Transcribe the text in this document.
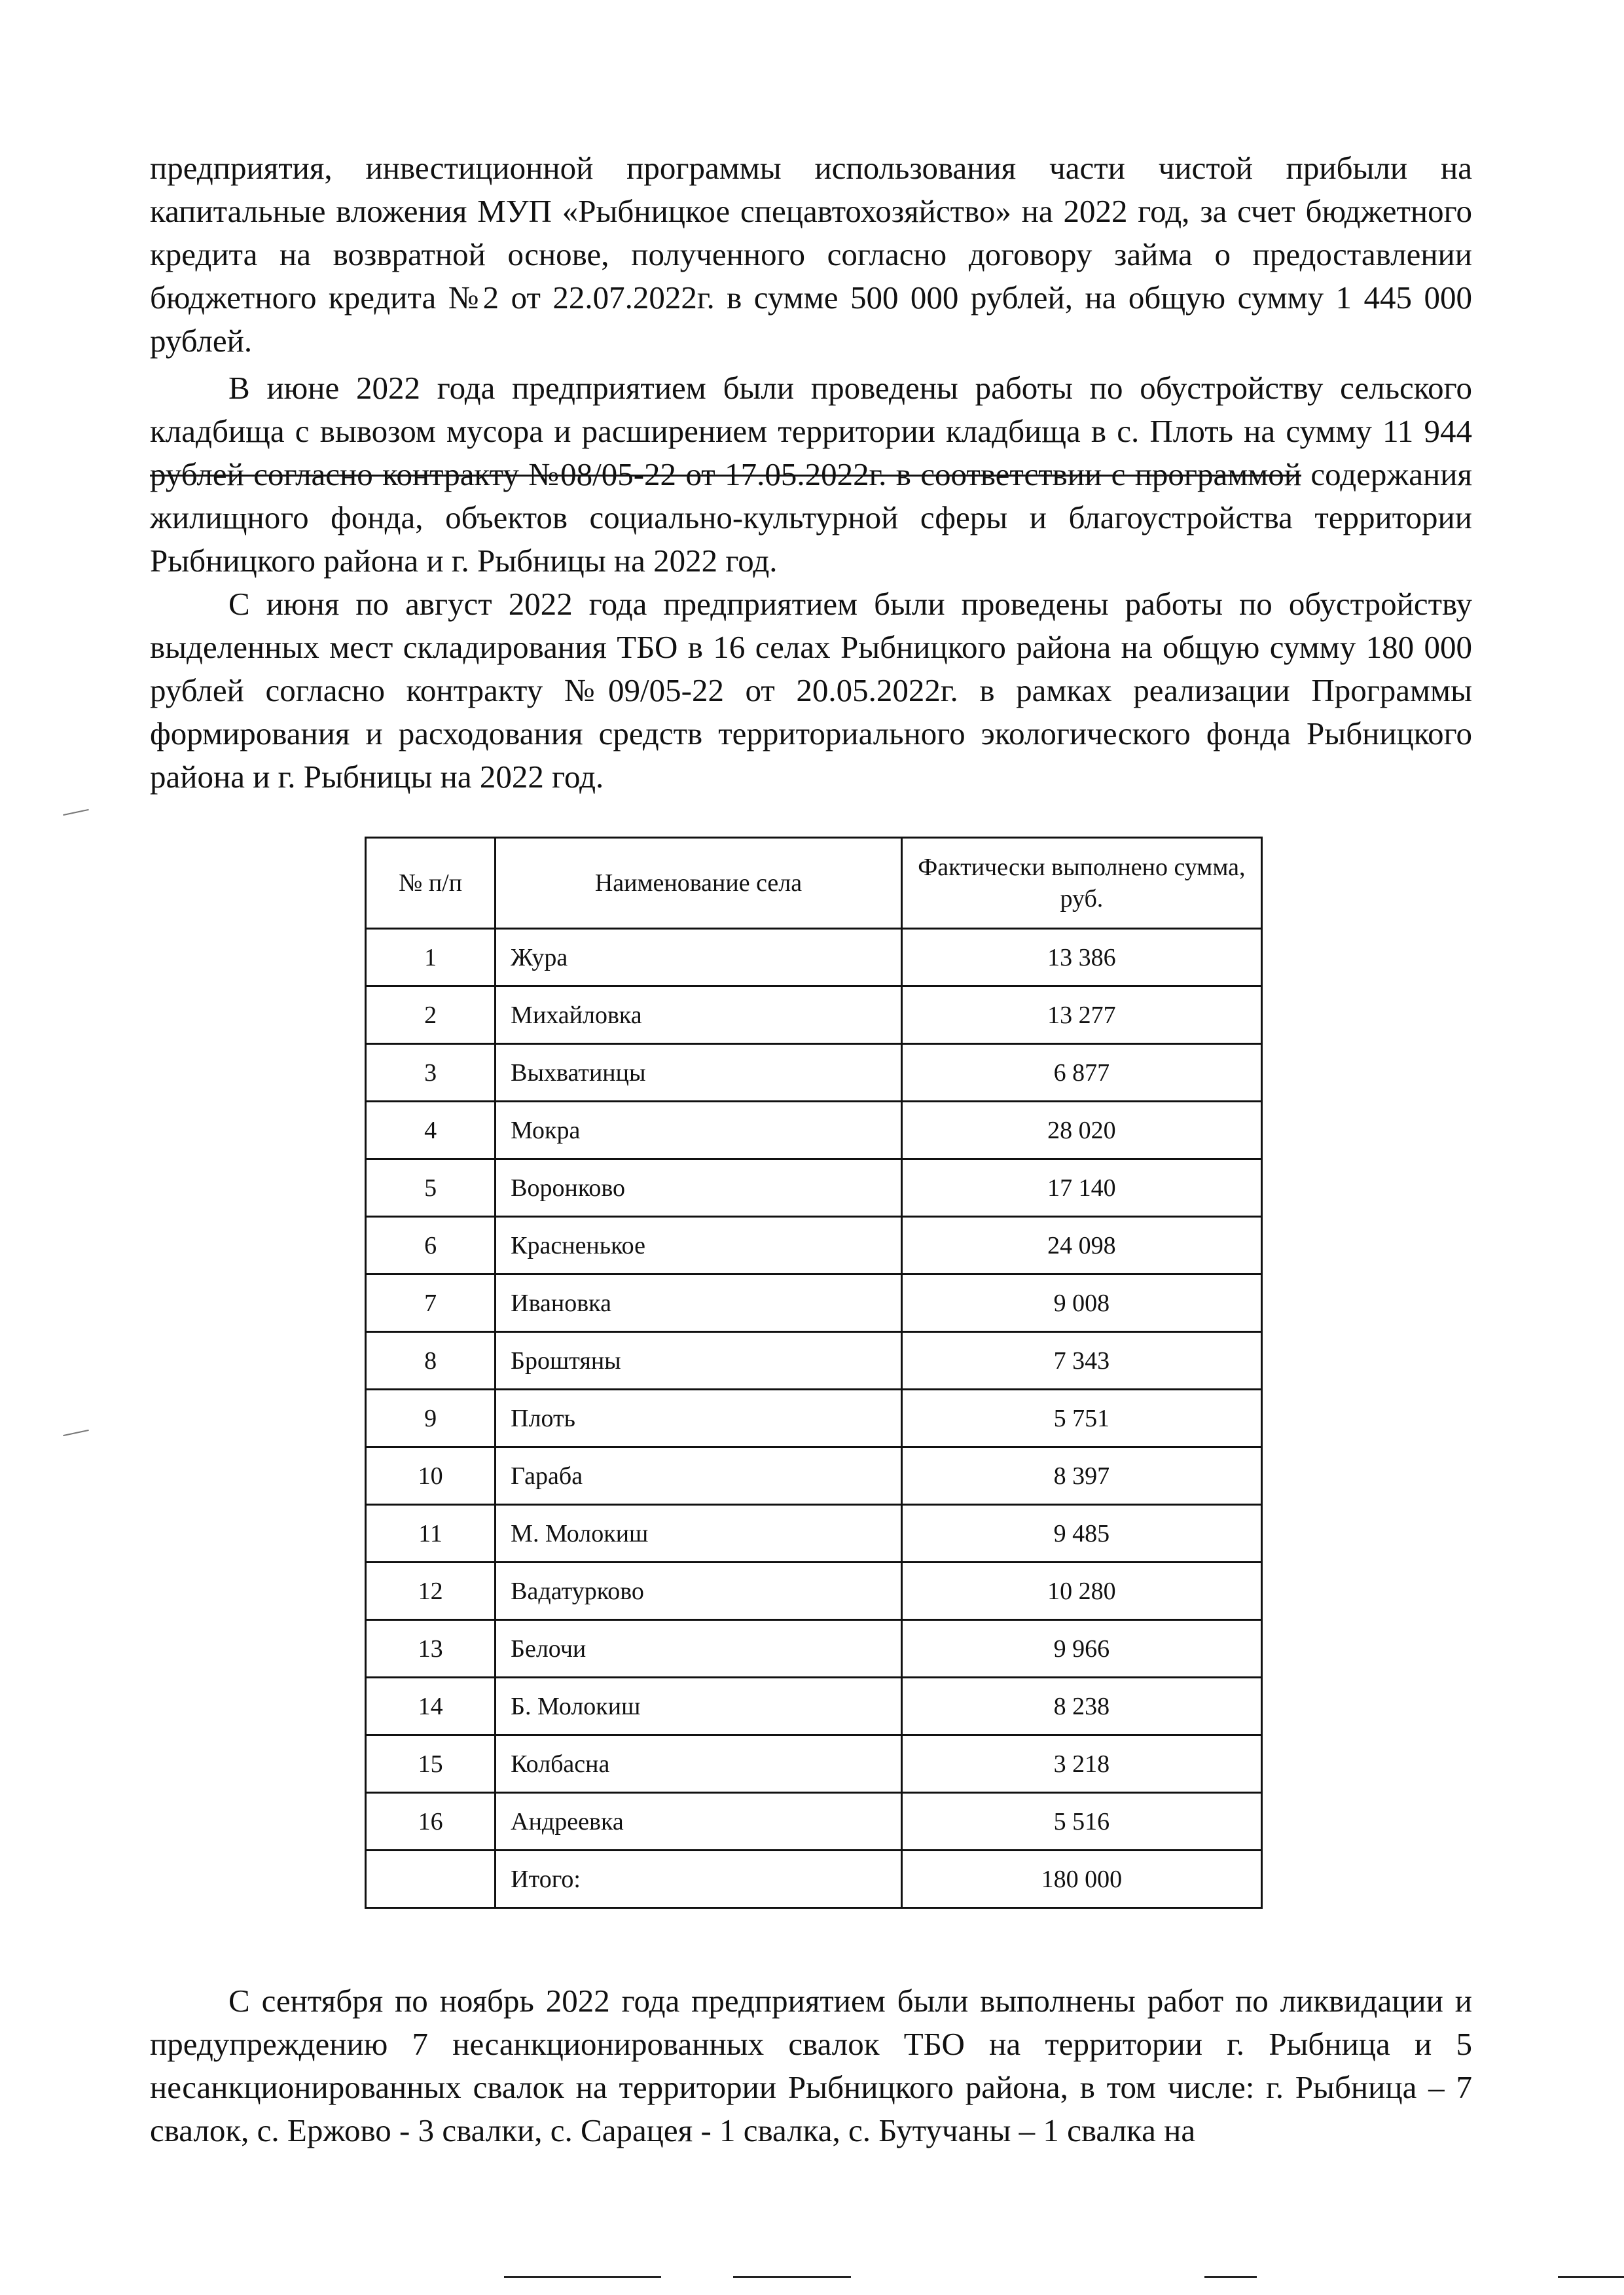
предприятия, инвестиционной программы использования части чистой прибыли на капитальные вложения МУП «Рыбницкое спецавтохозяйство» на 2022 год, за счет бюджетного кредита на возвратной основе, полученного согласно договору займа о предоставлении бюджетного кредита №2 от 22.07.2022г. в сумме 500 000 рублей, на общую сумму 1 445 000 рублей.

В июне 2022 года предприятием были проведены работы по обустройству сельского кладбища с вывозом мусора и расширением территории кладбища в с. Плоть на сумму 11 944 рублей согласно контракту №08/05-22 от 17.05.2022г. в соответствии с программой содержания жилищного фонда, объектов социально-культурной сферы и благоустройства территории Рыбницкого района и г. Рыбницы на 2022 год.

С июня по август 2022 года предприятием были проведены работы по обустройству выделенных мест складирования ТБО в 16 селах Рыбницкого района на общую сумму 180 000 рублей согласно контракту №09/05-22 от 20.05.2022г. в рамках реализации Программы формирования и расходования средств территориального экологического фонда Рыбницкого района и г. Рыбницы на 2022 год.

№ п/п	Наименование села	Фактически выполнено сумма, руб.
1	Жура	13 386
2	Михайловка	13 277
3	Выхватинцы	6 877
4	Мокра	28 020
5	Воронково	17 140
6	Красненькое	24 098
7	Ивановка	9 008
8	Броштяны	7 343
9	Плоть	5 751
10	Гараба	8 397
11	М. Молокиш	9 485
12	Вадатурково	10 280
13	Белочи	9 966
14	Б. Молокиш	8 238
15	Колбасна	3 218
16	Андреевка	5 516
	Итого:	180 000

С сентября по ноябрь 2022 года предприятием были выполнены работ по ликвидации и предупреждению 7 несанкционированных свалок ТБО на территории г. Рыбница и 5 несанкционированных свалок на территории Рыбницкого района, в том числе: г. Рыбница – 7 свалок, с. Ержово - 3 свалки, с. Сарацея - 1 свалка, с. Бутучаны – 1 свалка на
